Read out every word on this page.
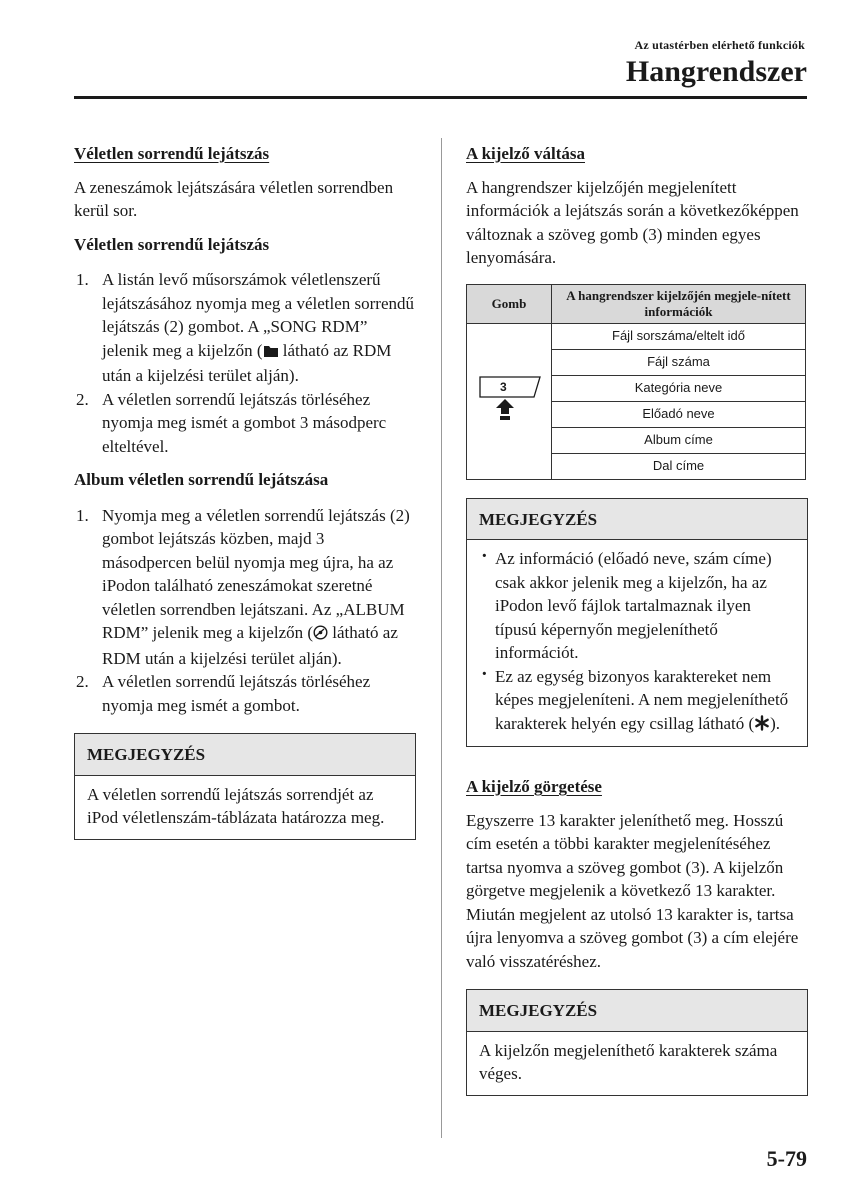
Az utastérben elérhető funkciók
Hangrendszer
Véletlen sorrendű lejátszás

A zeneszámok lejátszására véletlen sorrendben kerül sor.

Véletlen sorrendű lejátszás
1. A listán levő műsorszámok véletlenszerű lejátszásához nyomja meg a véletlen sorrendű lejátszás (2) gombot. A „SONG RDM” jelenik meg a kijelzőn ( látható az RDM után a kijelzési terület alján).
2. A véletlen sorrendű lejátszás törléséhez nyomja meg ismét a gombot 3 másodperc elteltével.
Album véletlen sorrendű lejátszása
1. Nyomja meg a véletlen sorrendű lejátszás (2) gombot lejátszás közben, majd 3 másodpercen belül nyomja meg újra, ha az iPodon található zeneszámokat szeretné véletlen sorrendben lejátszani. Az „ALBUM RDM” jelenik meg a kijelzőn ( látható az RDM után a kijelzési terület alján).
2. A véletlen sorrendű lejátszás törléséhez nyomja meg ismét a gombot.
MEGJEGYZÉS
A véletlen sorrendű lejátszás sorrendjét az iPod véletlenszám-táblázata határozza meg.
A kijelző váltása

A hangrendszer kijelzőjén megjelenített információk a lejátszás során a következőképpen változnak a szöveg gomb (3) minden egyes lenyomására.

Gomb	A hangrendszer kijelzőjén megjele-nített információk

3	Fájl sorszáma/eltelt idő
	Fájl száma
	Kategória neve
	Előadó neve
	Album címe
	Dal címe
MEGJEGYZÉS
· Az információ (előadó neve, szám címe) csak akkor jelenik meg a kijelzőn, ha az iPodon levő fájlok tartalmaznak ilyen típusú képernyőn megjeleníthető információt.
· Ez az egység bizonyos karaktereket nem képes megjeleníteni. A nem megjeleníthető karakterek helyén egy csillag látható ( ).
A kijelző görgetése

Egyszerre 13 karakter jeleníthető meg. Hosszú cím esetén a többi karakter megjelenítéséhez tartsa nyomva a szöveg gombot (3). A kijelzőn görgetve megjelenik a következő 13 karakter. Miután megjelent az utolsó 13 karakter is, tartsa újra lenyomva a szöveg gombot (3) a cím elejére való visszatéréshez.

MEGJEGYZÉS
A kijelzőn megjeleníthető karakterek száma véges.
5-79
